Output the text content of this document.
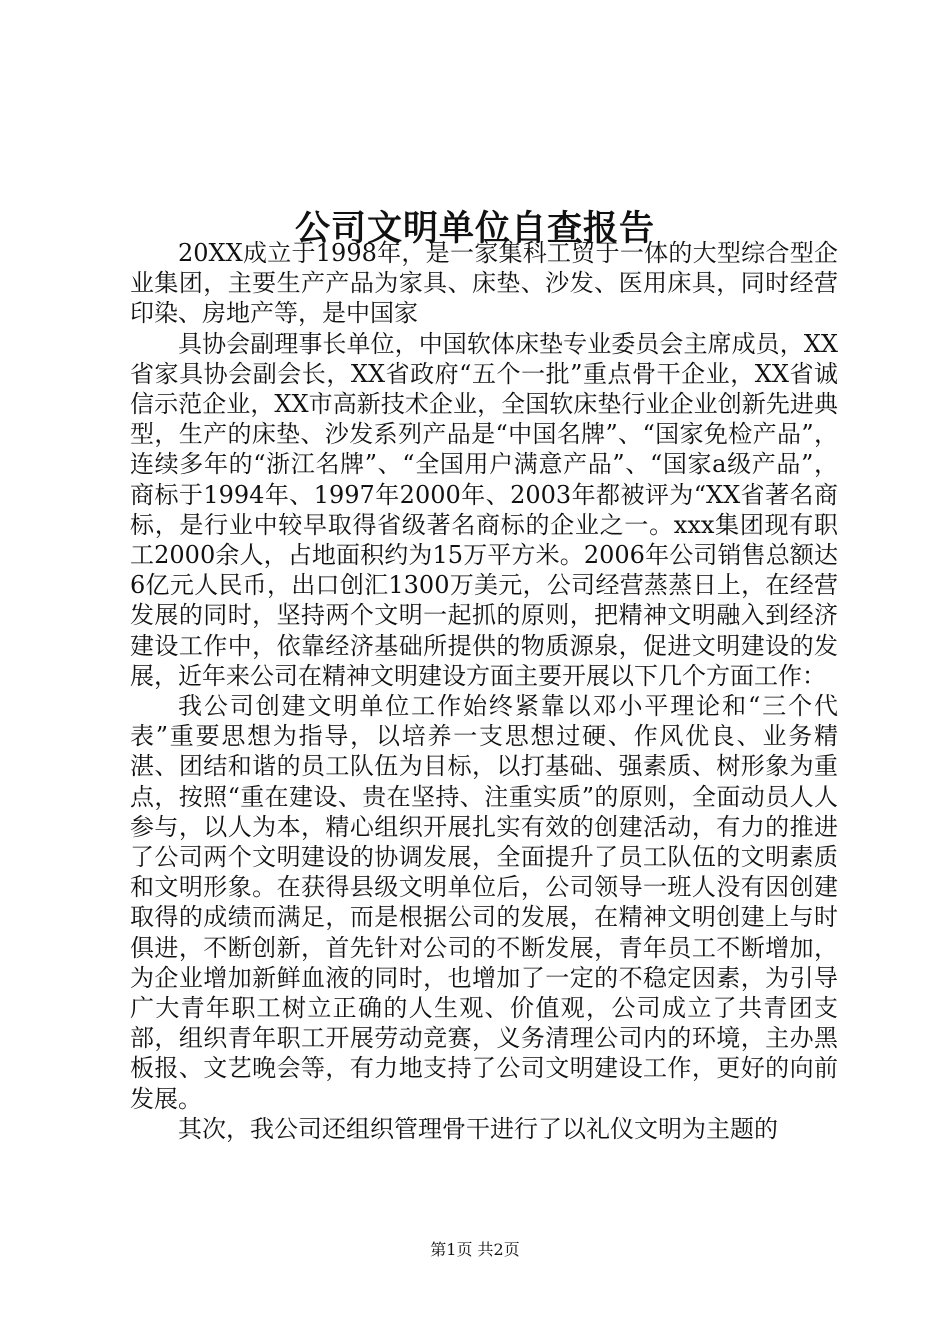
公司文明单位自查报告

20XX成立于1998年，是一家集科工贸于一体的大型综合型企业集团，主要生产产品为家具、床垫、沙发、医用床具，同时经营印染、房地产等，是中国家

具协会副理事长单位，中国软体床垫专业委员会主席成员，XX省家具协会副会长，XX省政府“五个一批”重点骨干企业，XX省诚信示范企业，XX市高新技术企业，全国软床垫行业企业创新先进典型，生产的床垫、沙发系列产品是“中国名牌”、“国家免检产品”，连续多年的“浙江名牌”、“全国用户满意产品”、“国家a级产品”，商标于1994年、1997年2000年、2003年都被评为“XX省著名商标，是行业中较早取得省级著名商标的企业之一。xxx集团现有职工2000余人，占地面积约为15万平方米。2006年公司销售总额达6亿元人民币，出口创汇1300万美元，公司经营蒸蒸日上，在经营发展的同时，坚持两个文明一起抓的原则，把精神文明融入到经济建设工作中，依靠经济基础所提供的物质源泉，促进文明建设的发展，近年来公司在精神文明建设方面主要开展以下几个方面工作：

我公司创建文明单位工作始终紧靠以邓小平理论和“三个代表”重要思想为指导，以培养一支思想过硬、作风优良、业务精湛、团结和谐的员工队伍为目标，以打基础、强素质、树形象为重点，按照“重在建设、贵在坚持、注重实质”的原则，全面动员人人参与，以人为本，精心组织开展扎实有效的创建活动，有力的推进了公司两个文明建设的协调发展，全面提升了员工队伍的文明素质和文明形象。在获得县级文明单位后，公司领导一班人没有因创建取得的成绩而满足，而是根据公司的发展，在精神文明创建上与时俱进，不断创新，首先针对公司的不断发展，青年员工不断增加，为企业增加新鲜血液的同时，也增加了一定的不稳定因素，为引导广大青年职工树立正确的人生观、价值观，公司成立了共青团支部，组织青年职工开展劳动竞赛，义务清理公司内的环境，主办黑板报、文艺晚会等，有力地支持了公司文明建设工作，更好的向前发展。

其次，我公司还组织管理骨干进行了以礼仪文明为主题的

第1页 共2页
